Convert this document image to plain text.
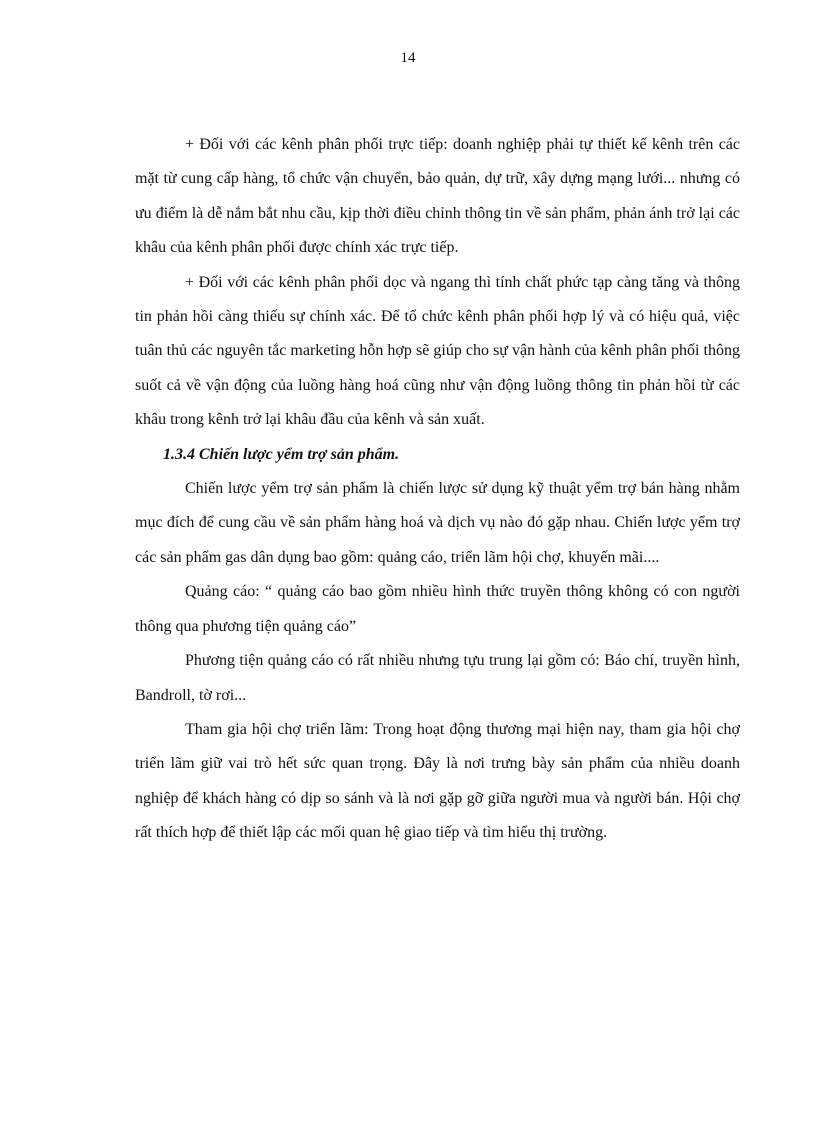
14

+ Đối với các kênh phân phối trực tiếp: doanh nghiệp phải tự thiết kế kênh trên các mặt từ cung cấp hàng, tổ chức vận chuyển, bảo quản, dự trữ, xây dựng mạng lưới... nhưng có ưu điểm là dễ nắm bắt nhu cầu, kịp thời điều chỉnh thông tin về sản phẩm, phản ánh trở lại các khâu của kênh phân phối được chính xác trực tiếp.

+ Đối với các kênh phân phối dọc và ngang thì tính chất phức tạp càng tăng và thông tin phản hồi càng thiếu sự chính xác. Để tổ chức kênh phân phối hợp lý và có hiệu quả, việc tuân thủ các nguyên tắc marketing hỗn hợp sẽ giúp cho sự vận hành của kênh phân phối thông suốt cả về vận động của luồng hàng hoá cũng như vận động luồng thông tin phản hồi từ các khâu trong kênh trở lại khâu đầu của kênh và sản xuất.

1.3.4 Chiến lược yểm trợ sản phẩm.

Chiến lược yểm trợ sản phẩm là chiến lược sử dụng kỹ thuật yểm trợ bán hàng nhằm mục đích để cung cầu về sản phẩm hàng hoá và dịch vụ nào đó gặp nhau. Chiến lược yểm trợ các sản phẩm gas dân dụng bao gồm: quảng cáo, triển lãm hội chợ, khuyến mãi....

Quảng cáo: “ quảng cáo bao gồm nhiều hình thức truyền thông không có con người thông qua phương tiện quảng cáo”

Phương tiện quảng cáo có rất nhiều nhưng tựu trung lại gồm có: Báo chí, truyền hình, Bandroll, tờ rơi...

Tham gia hội chợ triển lãm: Trong hoạt động thương mại hiện nay, tham gia hội chợ triển lãm giữ vai trò hết sức quan trọng. Đây là nơi trưng bày sản phẩm của nhiều doanh nghiệp để khách hàng có dịp so sánh và là nơi gặp gỡ giữa người mua và người bán. Hội chợ rất thích hợp để thiết lập các mối quan hệ giao tiếp và tìm hiểu thị trường.
